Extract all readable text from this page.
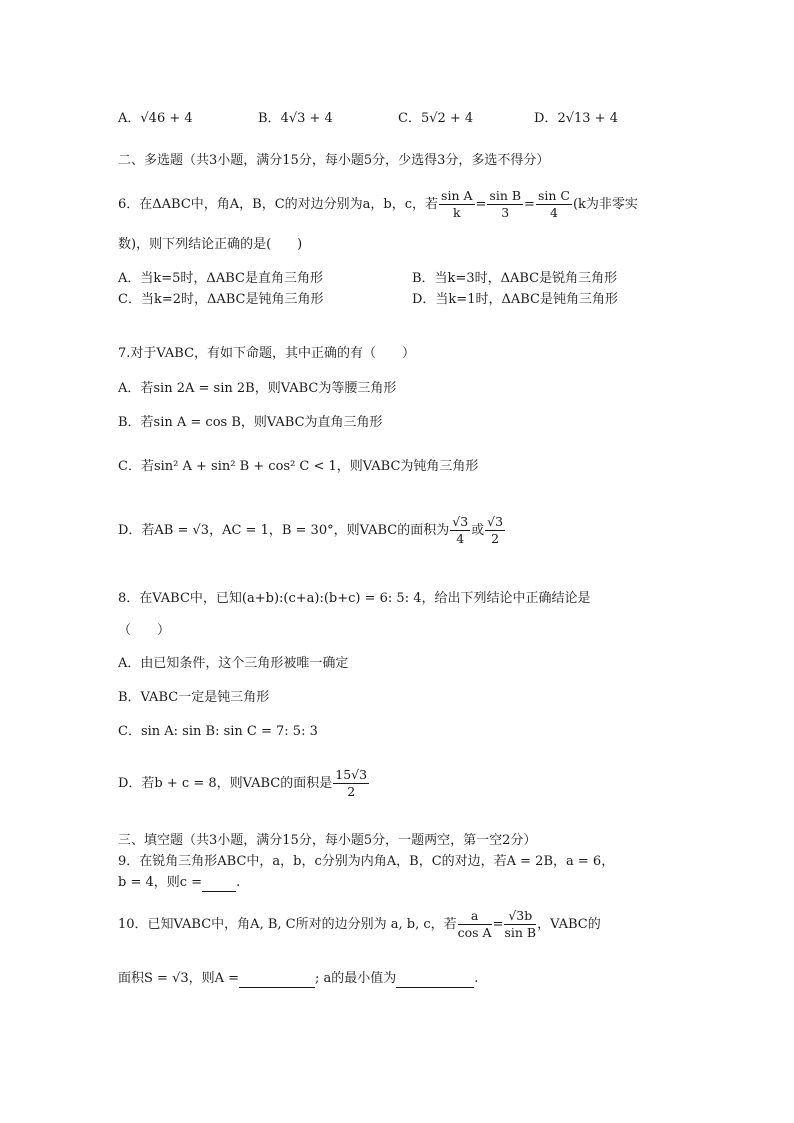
A．√46 + 4	B．4√3 + 4	C．5√2 + 4	D．2√13 + 4
二、多选题（共3小题，满分15分，每小题5分，少选得3分，多选不得分）
6．在ΔABC中，角A，B，C的对边分别为a，b，c，若 $\frac{\text{sin A}}{k} = \frac{\text{sin B}}{3} = \frac{\text{sin C}}{4} (k$为非零实
数)，则下列结论正确的是(　　)
A．当k=5时，ΔABC是直角三角形	B．当k=3时，ΔABC是锐角三角形
C．当k=2时，ΔABC是钝角三角形	D．当k=1时，ΔABC是钝角三角形
7.对于VABC，有如下命题，其中正确的有（　　）
A．若sin 2A = sin 2B，则VABC为等腰三角形
B．若sin A = cos B，则VABC为直角三角形
C．若sin² A + sin² B + cos² C < 1，则VABC为钝角三角形
D．若AB = √3，AC = 1，B = 30°，则VABC的面积为 $\frac{√3}{4}$ 或 $\frac{√3}{2}$
8．在VABC中，已知(a+b):(c+a):(b+c) = 6: 5: 4，给出下列结论中正确结论是
（　　）
A．由已知条件，这个三角形被唯一确定
B．VABC一定是钝三角形
C．sin A: sin B: sin C = 7: 5: 3
D．若b + c = 8，则VABC的面积是 $\frac{15√3}{2}$
三、填空题（共3小题，满分15分，每小题5分，一题两空，第一空2分）
9．在锐角三角形ABC中，a，b，c分别为内角A，B，C的对边，若A = 2B，a = 6，
b = 4，则c =	.
10．已知VABC中，角A, B, C所对的边分别为 a, b, c，若 $\frac{a}{\text{cos A}} = \frac{√3b}{\text{sin B}}$ ，VABC的
面积S = √3，则A =	; a的最小值为	.
